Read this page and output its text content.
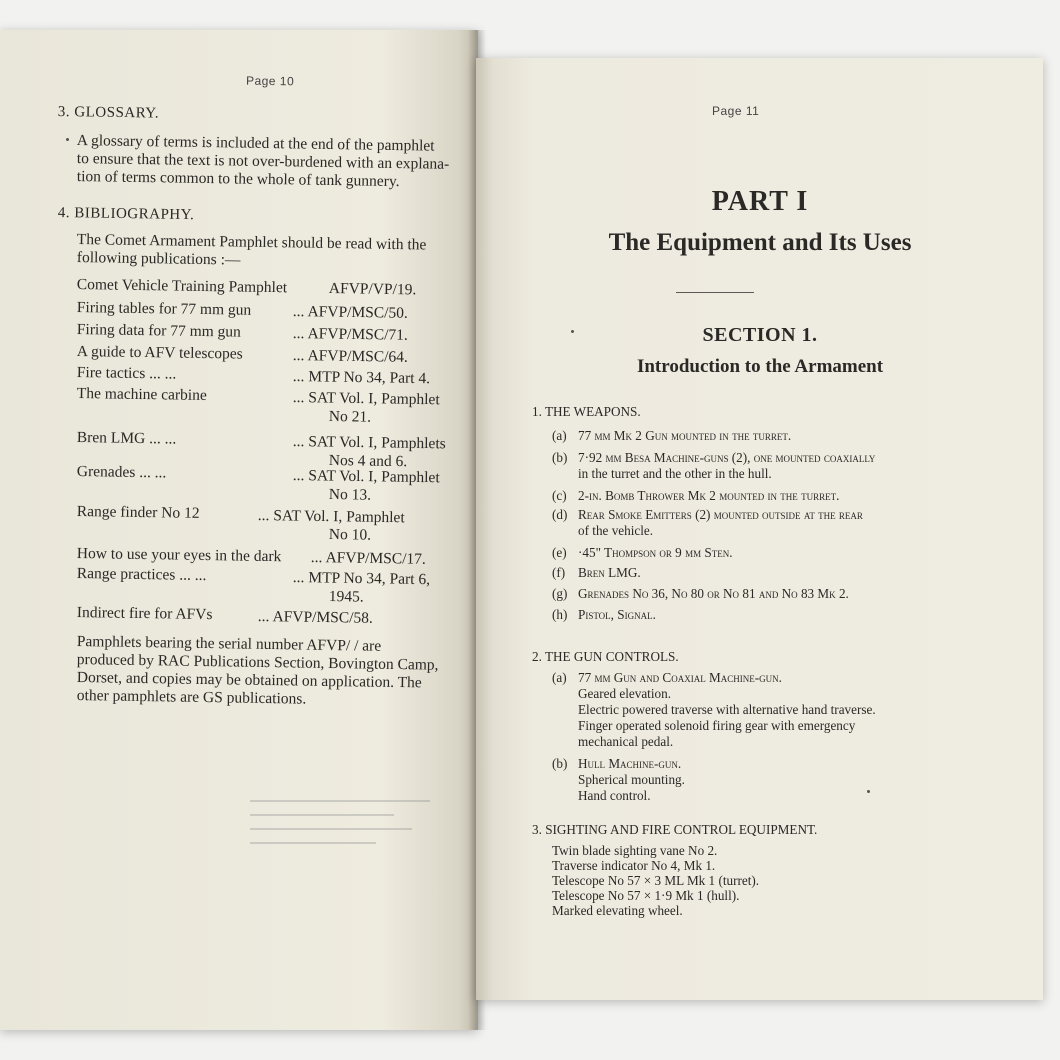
Page 10
3. GLOSSARY.
A glossary of terms is included at the end of the pamphlet
to ensure that the text is not over-burdened with an explana-
tion of terms common to the whole of tank gunnery.
4. BIBLIOGRAPHY.
The Comet Armament Pamphlet should be read with the
following publications :—
Comet Vehicle Training Pamphlet	AFVP/VP/19.
Firing tables for 77 mm gun	... AFVP/MSC/50.
Firing data for 77 mm gun	... AFVP/MSC/71.
A guide to AFV telescopes	... AFVP/MSC/64.
Fire tactics ... ...	... MTP No 34, Part 4.
The machine carbine	... SAT Vol. I, Pamphlet
No 21.
Bren LMG ... ...	... SAT Vol. I, Pamphlets
Nos 4 and 6.
Grenades ... ...	... SAT Vol. I, Pamphlet
No 13.
Range finder No 12	... SAT Vol. I, Pamphlet
No 10.
How to use your eyes in the dark ... AFVP/MSC/17.
Range practices ... ...	... MTP No 34, Part 6,
1945.
Indirect fire for AFVs	... AFVP/MSC/58.
Pamphlets bearing the serial number AFVP/ / are
produced by RAC Publications Section, Bovington Camp,
Dorset, and copies may be obtained on application. The
other pamphlets are GS publications.
Page 11
PART I
The Equipment and Its Uses
SECTION 1.
Introduction to the Armament
1. THE WEAPONS.
(a) 77 mm Mk 2 Gun mounted in the turret.
(b) 7·92 mm Besa Machine-guns (2), one mounted coaxially
in the turret and the other in the hull.
(c) 2-in. Bomb Thrower Mk 2 mounted in the turret.
(d) Rear Smoke Emitters (2) mounted outside at the rear
of the vehicle.
(e) ·45" Thompson or 9 mm Sten.
(f) Bren LMG.
(g) Grenades No 36, No 80 or No 81 and No 83 Mk 2.
(h) Pistol, Signal.
2. THE GUN CONTROLS.
(a) 77 mm Gun and Coaxial Machine-gun.
Geared elevation.
Electric powered traverse with alternative hand traverse.
Finger operated solenoid firing gear with emergency
mechanical pedal.
(b) Hull Machine-gun.
Spherical mounting.
Hand control.
3. SIGHTING AND FIRE CONTROL EQUIPMENT.
Twin blade sighting vane No 2.
Traverse indicator No 4, Mk 1.
Telescope No 57 × 3 ML Mk 1 (turret).
Telescope No 57 × 1·9 Mk 1 (hull).
Marked elevating wheel.
